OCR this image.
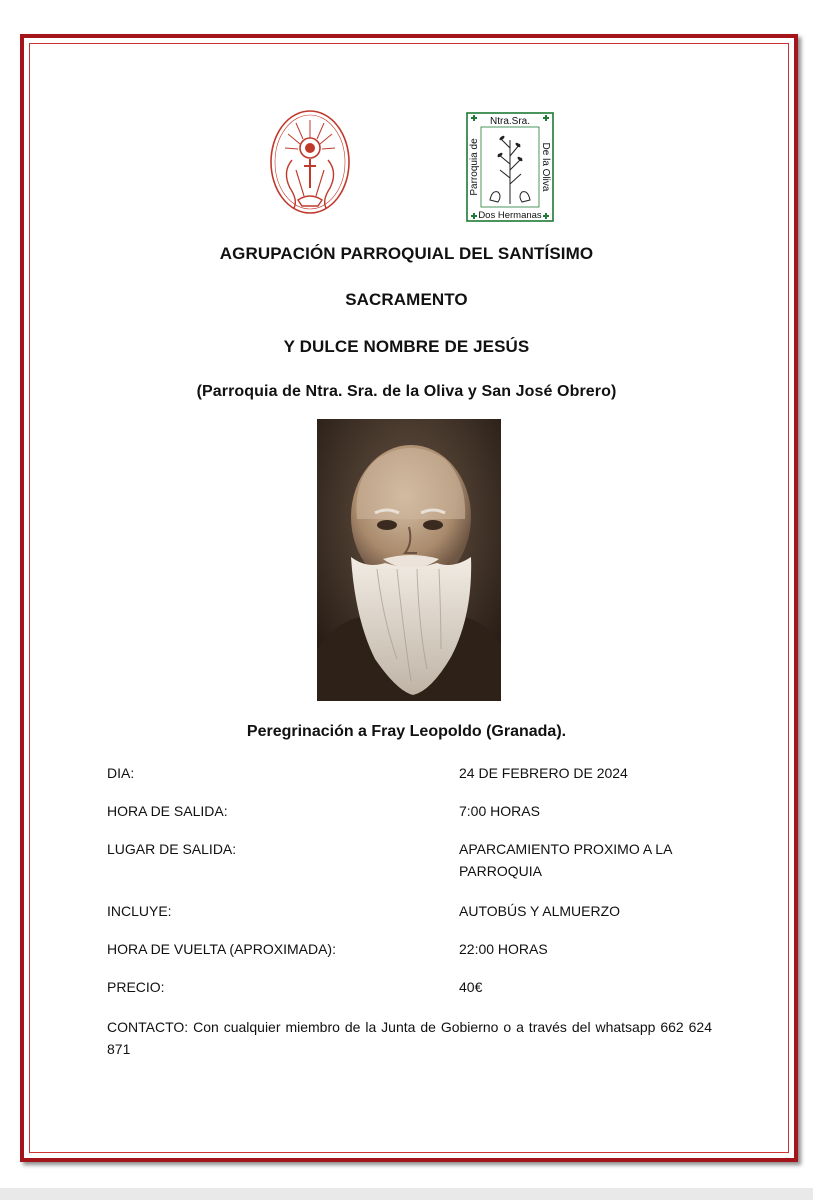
Ntra.Sra.
Dos Hermanas
Parroquia de	De la Oliva
AGRUPACIÓN PARROQUIAL DEL SANTÍSIMO
SACRAMENTO
Y DULCE NOMBRE DE JESÚS
(Parroquia de Ntra. Sra. de la Oliva y San José Obrero)
Peregrinación a Fray Leopoldo (Granada).
DIA:	24 DE FEBRERO DE 2024
HORA DE SALIDA:	7:00 HORAS
LUGAR DE SALIDA:	APARCAMIENTO PROXIMO A LA PARROQUIA
INCLUYE:	AUTOBÚS Y ALMUERZO
HORA DE VUELTA (APROXIMADA):	22:00 HORAS
PRECIO:	40€
CONTACTO: Con cualquier miembro de la Junta de Gobierno o a través del whatsapp 662 624 871
